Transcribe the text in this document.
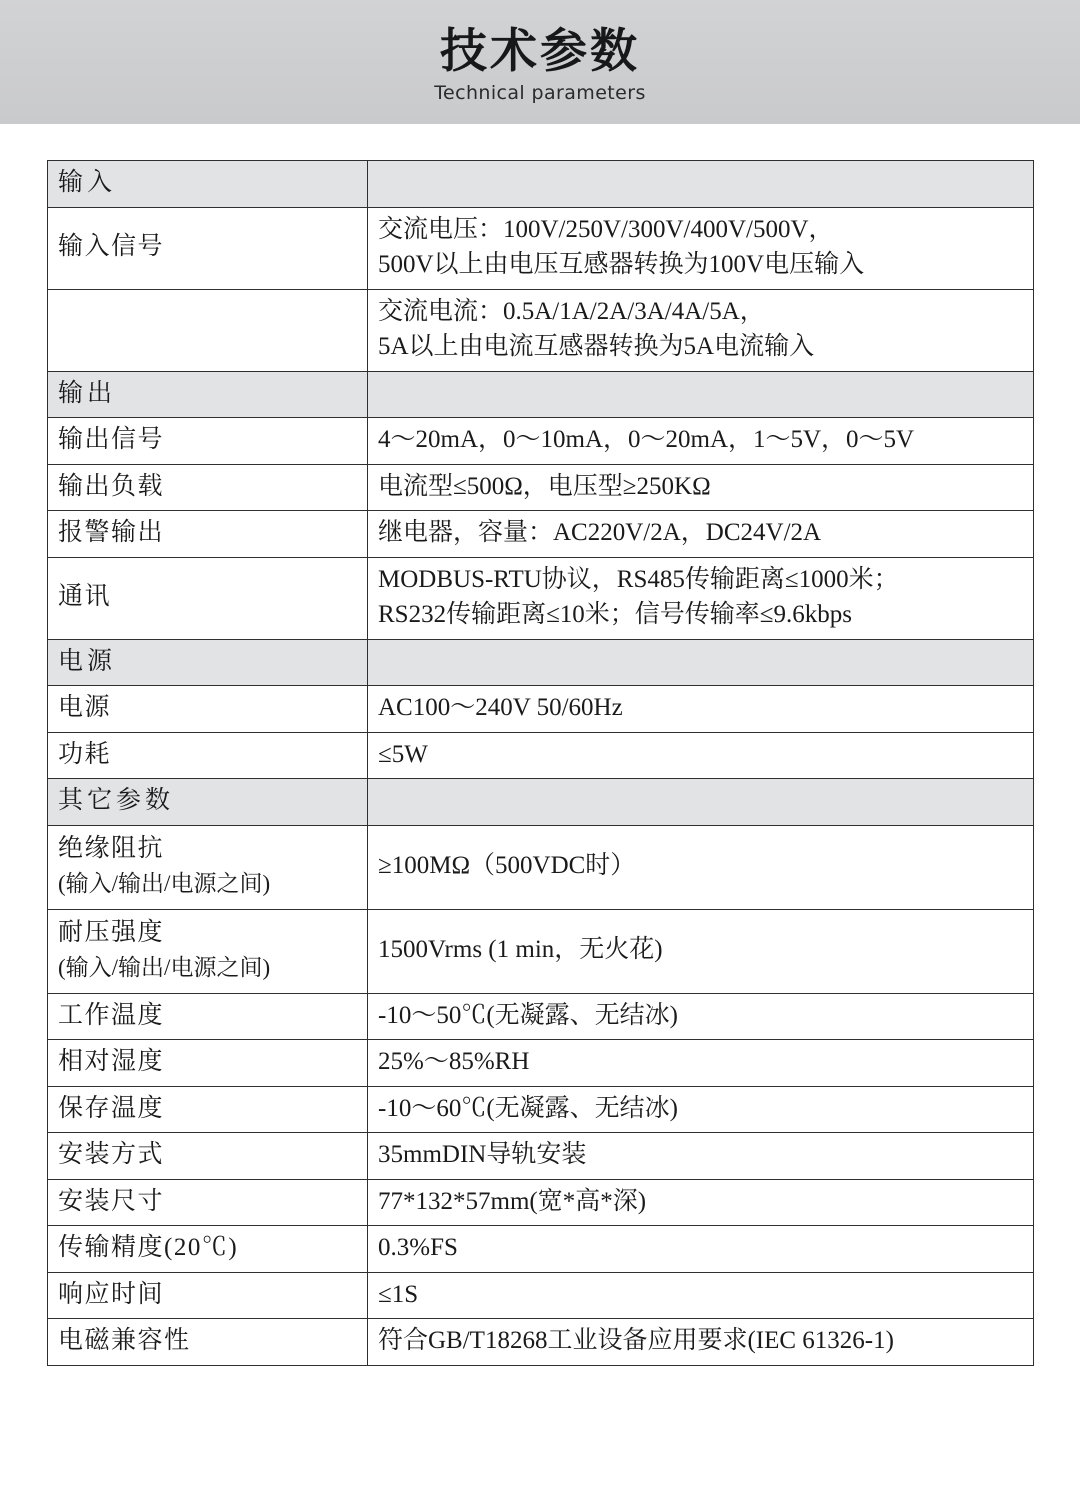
技术参数
Technical parameters
输入	
输入信号	交流电压：100V/250V/300V/400V/500V，
500V以上由电压互感器转换为100V电压输入
	交流电流：0.5A/1A/2A/3A/4A/5A，
5A以上由电流互感器转换为5A电流输入
输出	
输出信号	4～20mA，0～10mA，0～20mA，1～5V，0～5V
输出负载	电流型≤500Ω，电压型≥250KΩ
报警输出	继电器，容量：AC220V/2A，DC24V/2A
通讯	MODBUS-RTU协议，RS485传输距离≤1000米；
RS232传输距离≤10米；信号传输率≤9.6kbps
电源	
电源	AC100～240V 50/60Hz
功耗	≤5W
其它参数	
绝缘阻抗
(输入/输出/电源之间)	≥100MΩ（500VDC时）
耐压强度
(输入/输出/电源之间)	1500Vrms (1 min，无火花)
工作温度	-10～50℃(无凝露、无结冰)
相对湿度	25%～85%RH
保存温度	-10～60℃(无凝露、无结冰)
安装方式	35mmDIN导轨安装
安装尺寸	77*132*57mm(宽*高*深)
传输精度(20℃)	0.3%FS
响应时间	≤1S
电磁兼容性	符合GB/T18268工业设备应用要求(IEC 61326-1)
